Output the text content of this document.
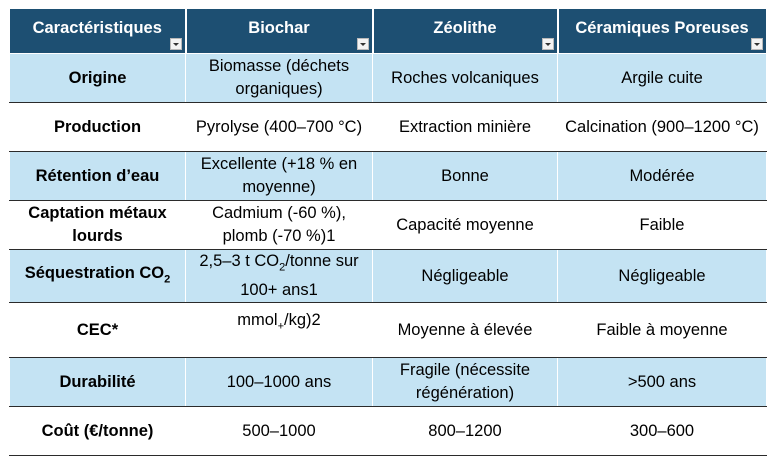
Caractéristiques	Biochar	Zéolithe	Céramiques Poreuses

Origine	Biomasse (déchets organiques)	Roches volcaniques	Argile cuite
Production	Pyrolyse (400–700 °C)	Extraction minière	Calcination (900–1200 °C)
Rétention d’eau	Excellente (+18 % en moyenne)	Bonne	Modérée
Captation métaux lourds	Cadmium (-60 %), plomb (-70 %)1	Capacité moyenne	Faible
Séquestration $CO_2$	2,5–3 t $CO_2$/tonne sur 100+ ans1	Négligeable	Négligeable
CEC*	mmol$_+$/kg)2	Moyenne à élevée	Faible à moyenne
Durabilité	100–1000 ans	Fragile (nécessite régénération)	>500 ans
Coût (€/tonne)	500–1000	800–1200	300–600
